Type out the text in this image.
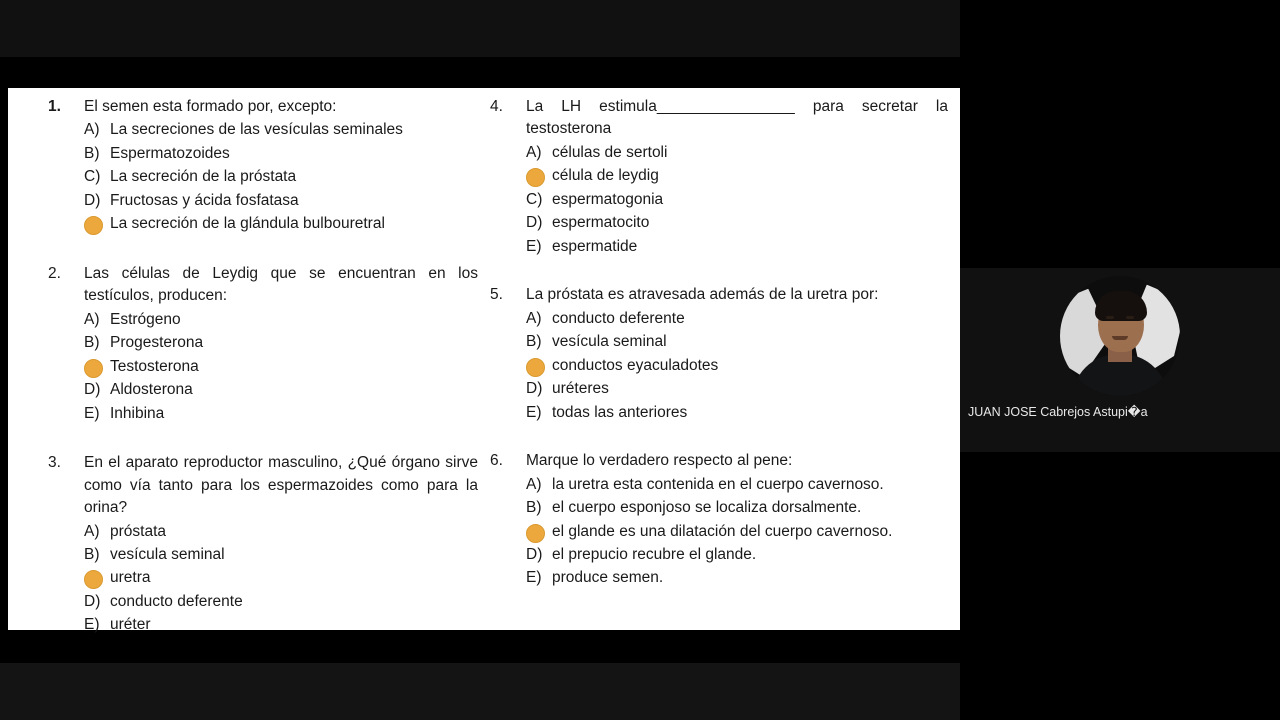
1.	El semen esta formado por, excepto:
A) La secreciones de las vesículas seminales
B) Espermatozoides
C) La secreción de la próstata
D) Fructosas y ácida fosfatasa
La secreción de la glándula bulbouretral
2.	Las células de Leydig que se encuentran en los testículos, producen:
A) Estrógeno
B) Progesterona
Testosterona
D) Aldosterona
E) Inhibina
3.	En el aparato reproductor masculino, ¿Qué órgano sirve como vía tanto para los espermazoides como para la orina?
A) próstata
B) vesícula seminal
uretra
D) conducto deferente
E) uréter
4.	La LH estimula________________ para secretar la testosterona
A) células de sertoli
célula de leydig
C) espermatogonia
D) espermatocito
E) espermatide
5.	La próstata es atravesada además de la uretra por:
A) conducto deferente
B) vesícula seminal
conductos eyaculadotes
D) uréteres
E) todas las anteriores
6.	Marque lo verdadero respecto al pene:
A) la uretra esta contenida en el cuerpo cavernoso.
B) el cuerpo esponjoso se localiza dorsalmente.
el glande es una dilatación del cuerpo cavernoso.
D) el prepucio recubre el glande.
E) produce semen.
JUAN JOSE Cabrejos Astupi�a
